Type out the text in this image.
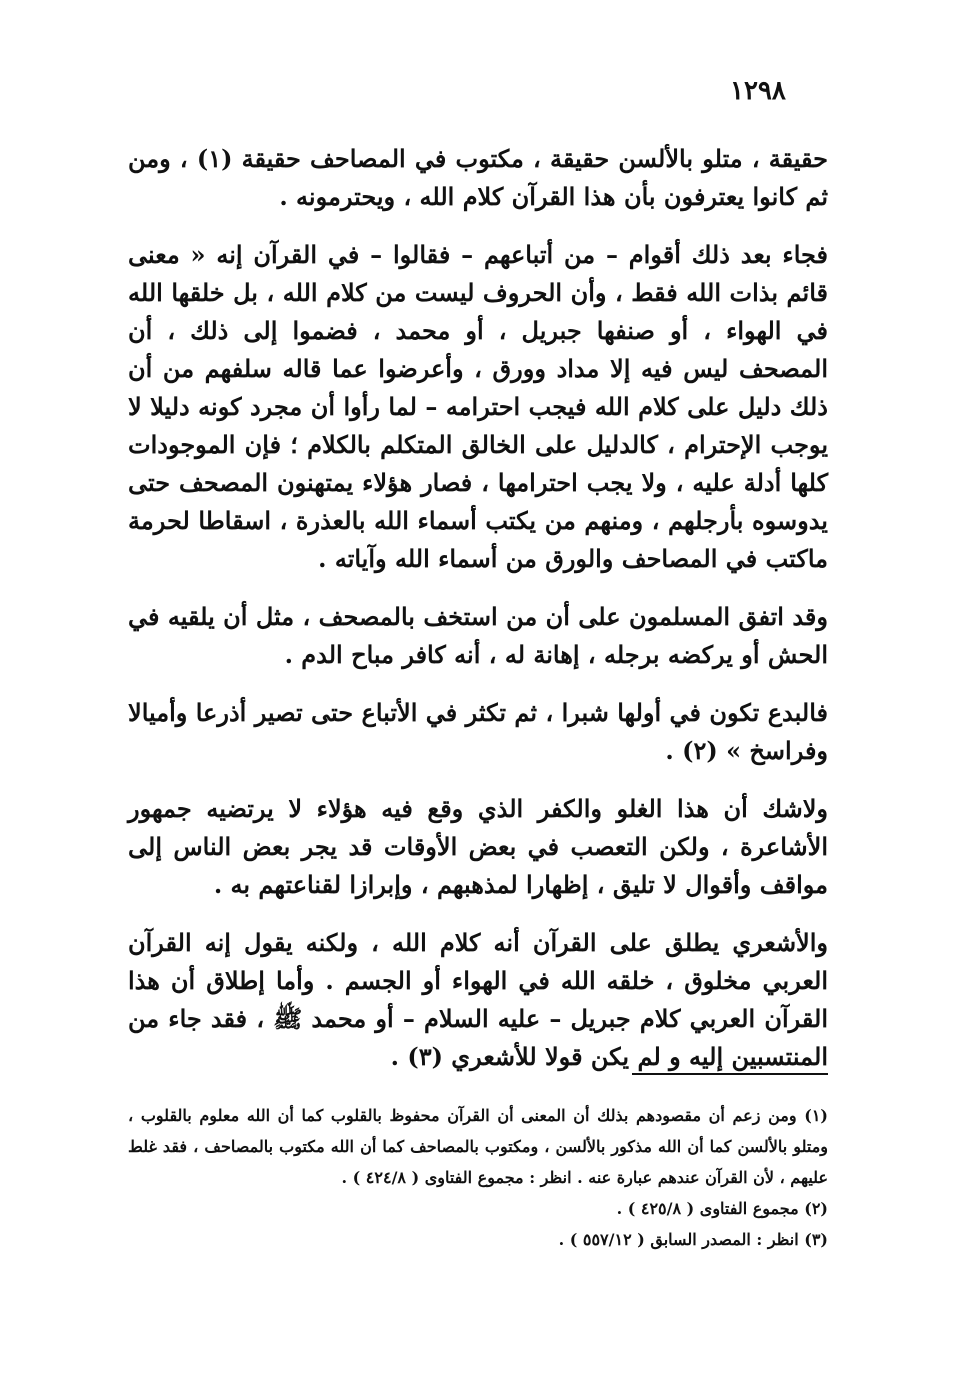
١٢٩٨

حقيقة ، متلو بالألسن حقيقة ، مكتوب في المصاحف حقيقة (١) ، ومن ثم كانوا يعترفون بأن هذا القرآن كلام الله ، ويحترمونه .

فجاء بعد ذلك أقوام – من أتباعهم – فقالوا – في القرآن إنه « معنى قائم بذات الله فقط ، وأن الحروف ليست من كلام الله ، بل خلقها الله في الهواء ، أو صنفها جبريل ، أو محمد ، فضموا إلى ذلك ، أن المصحف ليس فيه إلا مداد وورق ، وأعرضوا عما قاله سلفهم من أن ذلك دليل على كلام الله فيجب احترامه – لما رأوا أن مجرد كونه دليلا لا يوجب الإحترام ، كالدليل على الخالق المتكلم بالكلام ؛ فإن الموجودات كلها أدلة عليه ، ولا يجب احترامها ، فصار هؤلاء يمتهنون المصحف حتى يدوسوه بأرجلهم ، ومنهم من يكتب أسماء الله بالعذرة ، اسقاطا لحرمة ماكتب في المصاحف والورق من أسماء الله وآياته .

وقد اتفق المسلمون على أن من استخف بالمصحف ، مثل أن يلقيه في الحش أو يركضه برجله ، إهانة له ، أنه كافر مباح الدم .

فالبدع تكون في أولها شبرا ، ثم تكثر في الأتباع حتى تصير أذرعا وأميالا وفراسخ » (٢) .

ولاشك أن هذا الغلو والكفر الذي وقع فيه هؤلاء لا يرتضيه جمهور الأشاعرة ، ولكن التعصب في بعض الأوقات قد يجر بعض الناس إلى مواقف وأقوال لا تليق ، إظهارا لمذهبهم ، وإبرازا لقناعتهم به .

والأشعري يطلق على القرآن أنه كلام الله ، ولكنه يقول إنه القرآن العربي مخلوق ، خلقه الله في الهواء أو الجسم . وأما إطلاق أن هذا القرآن العربي كلام جبريل – عليه السلام – أو محمد ﷺ ، فقد جاء من المنتسبين إليه و لم يكن قولا للأشعري (٣) .

(١) ومن زعم أن مقصودهم بذلك أن المعنى أن القرآن محفوظ بالقلوب كما أن الله معلوم بالقلوب ، ومتلو بالألسن كما أن الله مذكور بالألسن ، ومكتوب بالمصاحف كما أن الله مكتوب بالمصاحف ، فقد غلط عليهم ، لأن القرآن عندهم عبارة عنه . انظر : مجموع الفتاوى ( ٤٢٤/٨ ) .

(٢) مجموع الفتاوى ( ٤٢٥/٨ ) .

(٣) انظر : المصدر السابق ( ٥٥٧/١٢ ) .
